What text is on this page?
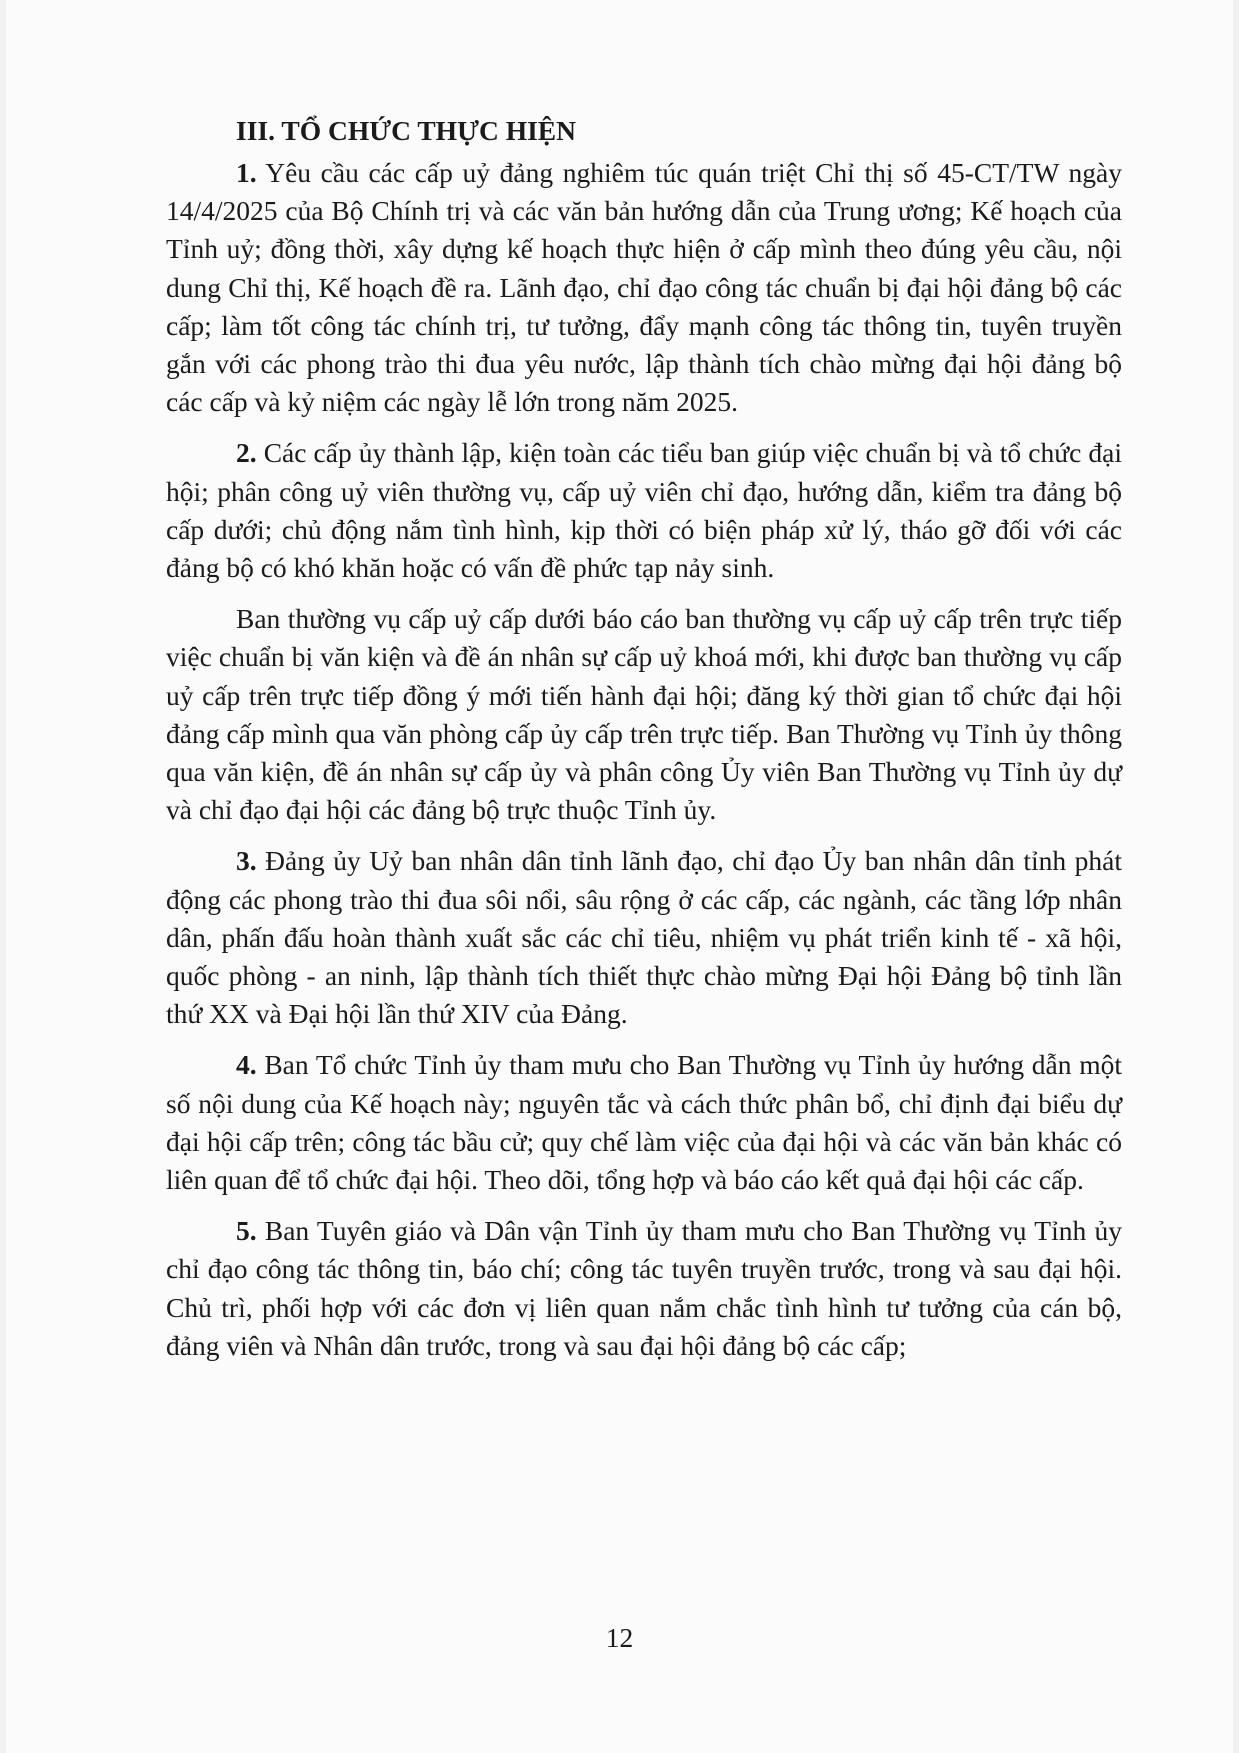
III. TỔ CHỨC THỰC HIỆN

1. Yêu cầu các cấp uỷ đảng nghiêm túc quán triệt Chỉ thị số 45-CT/TW ngày 14/4/2025 của Bộ Chính trị và các văn bản hướng dẫn của Trung ương; Kế hoạch của Tỉnh uỷ; đồng thời, xây dựng kế hoạch thực hiện ở cấp mình theo đúng yêu cầu, nội dung Chỉ thị, Kế hoạch đề ra. Lãnh đạo, chỉ đạo công tác chuẩn bị đại hội đảng bộ các cấp; làm tốt công tác chính trị, tư tưởng, đẩy mạnh công tác thông tin, tuyên truyền gắn với các phong trào thi đua yêu nước, lập thành tích chào mừng đại hội đảng bộ các cấp và kỷ niệm các ngày lễ lớn trong năm 2025.

2. Các cấp ủy thành lập, kiện toàn các tiểu ban giúp việc chuẩn bị và tổ chức đại hội; phân công uỷ viên thường vụ, cấp uỷ viên chỉ đạo, hướng dẫn, kiểm tra đảng bộ cấp dưới; chủ động nắm tình hình, kịp thời có biện pháp xử lý, tháo gỡ đối với các đảng bộ có khó khăn hoặc có vấn đề phức tạp nảy sinh.

Ban thường vụ cấp uỷ cấp dưới báo cáo ban thường vụ cấp uỷ cấp trên trực tiếp việc chuẩn bị văn kiện và đề án nhân sự cấp uỷ khoá mới, khi được ban thường vụ cấp uỷ cấp trên trực tiếp đồng ý mới tiến hành đại hội; đăng ký thời gian tổ chức đại hội đảng cấp mình qua văn phòng cấp ủy cấp trên trực tiếp. Ban Thường vụ Tỉnh ủy thông qua văn kiện, đề án nhân sự cấp ủy và phân công Ủy viên Ban Thường vụ Tỉnh ủy dự và chỉ đạo đại hội các đảng bộ trực thuộc Tỉnh ủy.

3. Đảng ủy Uỷ ban nhân dân tỉnh lãnh đạo, chỉ đạo Ủy ban nhân dân tỉnh phát động các phong trào thi đua sôi nổi, sâu rộng ở các cấp, các ngành, các tầng lớp nhân dân, phấn đấu hoàn thành xuất sắc các chỉ tiêu, nhiệm vụ phát triển kinh tế - xã hội, quốc phòng - an ninh, lập thành tích thiết thực chào mừng Đại hội Đảng bộ tỉnh lần thứ XX và Đại hội lần thứ XIV của Đảng.

4. Ban Tổ chức Tỉnh ủy tham mưu cho Ban Thường vụ Tỉnh ủy hướng dẫn một số nội dung của Kế hoạch này; nguyên tắc và cách thức phân bổ, chỉ định đại biểu dự đại hội cấp trên; công tác bầu cử; quy chế làm việc của đại hội và các văn bản khác có liên quan để tổ chức đại hội. Theo dõi, tổng hợp và báo cáo kết quả đại hội các cấp.

5. Ban Tuyên giáo và Dân vận Tỉnh ủy tham mưu cho Ban Thường vụ Tỉnh ủy chỉ đạo công tác thông tin, báo chí; công tác tuyên truyền trước, trong và sau đại hội. Chủ trì, phối hợp với các đơn vị liên quan nắm chắc tình hình tư tưởng của cán bộ, đảng viên và Nhân dân trước, trong và sau đại hội đảng bộ các cấp;

12
